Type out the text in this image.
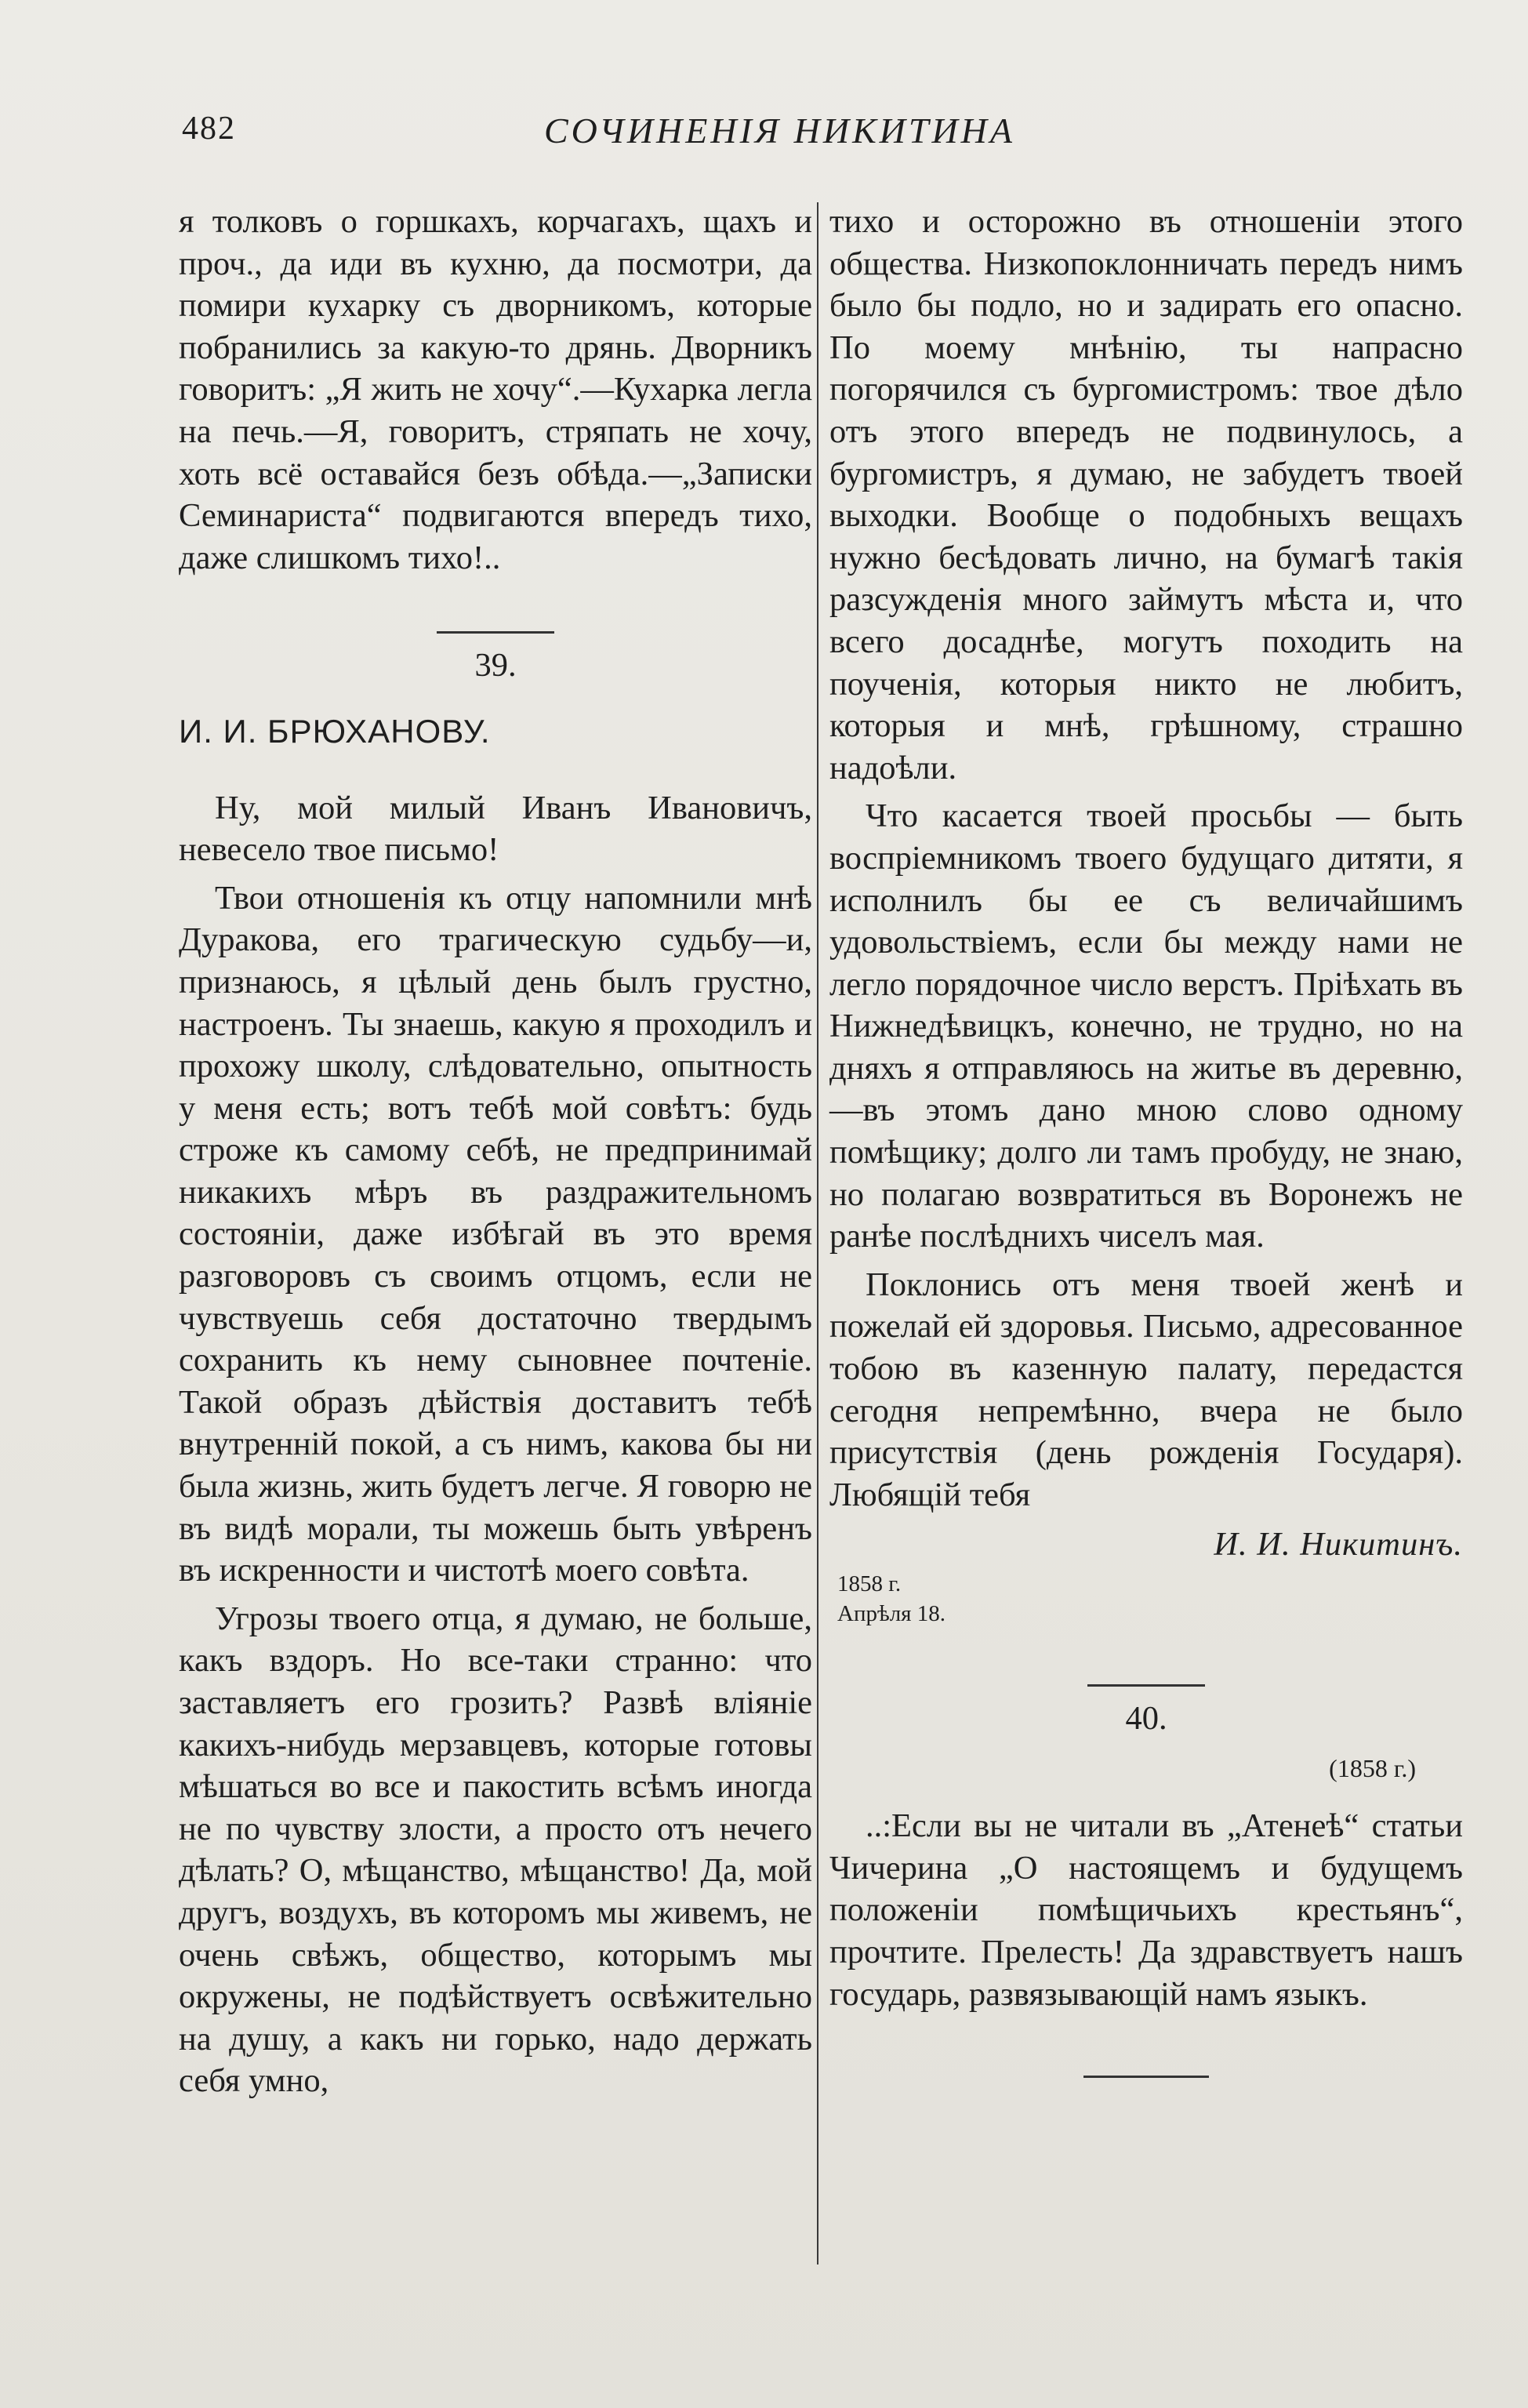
482	СОЧИНЕНІЯ НИКИТИНА

я толковъ о горшкахъ, корчагахъ, щахъ и проч., да иди въ кухню, да посмотри, да помири кухарку съ дворникомъ, которые побранились за какую-то дрянь. Дворникъ говоритъ: „Я жить не хочу“.—Кухарка легла на печь.—Я, говоритъ, стряпать не хочу, хоть всё оставайся безъ обѣда.—„Записки Семинариста“ подвигаются впередъ тихо, даже слишкомъ тихо!..

39.
И. И. БРЮХАНОВУ.

Ну, мой милый Иванъ Ивановичъ, невесело твое письмо!

Твои отношенія къ отцу напомнили мнѣ Дуракова, его трагическую судьбу—и, признаюсь, я цѣлый день былъ грустно, настроенъ. Ты знаешь, какую я проходилъ и прохожу школу, слѣдовательно, опытность у меня есть; вотъ тебѣ мой совѣтъ: будь строже къ самому себѣ, не предпринимай никакихъ мѣръ въ раздражительномъ состояніи, даже избѣгай въ это время разговоровъ съ своимъ отцомъ, если не чувствуешь себя достаточно твердымъ сохранить къ нему сыновнее почтеніе. Такой образъ дѣйствія доставитъ тебѣ внутренній покой, а съ нимъ, какова бы ни была жизнь, жить будетъ легче. Я говорю не въ видѣ морали, ты можешь быть увѣренъ въ искренности и чистотѣ моего совѣта.

Угрозы твоего отца, я думаю, не больше, какъ вздоръ. Но все-таки странно: что заставляетъ его грозить? Развѣ вліяніе какихъ-нибудь мерзавцевъ, которые готовы мѣшаться во все и пакостить всѣмъ иногда не по чувству злости, а просто отъ нечего дѣлать? О, мѣщанство, мѣщанство! Да, мой другъ, воздухъ, въ которомъ мы живемъ, не очень свѣжъ, общество, которымъ мы окружены, не подѣйствуетъ освѣжительно на душу, а какъ ни горько, надо держать себя умно,

тихо и осторожно въ отношеніи этого общества. Низкопоклонничать передъ нимъ было бы подло, но и задирать его опасно. По моему мнѣнію, ты напрасно погорячился съ бургомистромъ: твое дѣло отъ этого впередъ не подвинулось, а бургомистръ, я думаю, не забудетъ твоей выходки. Вообще о подобныхъ вещахъ нужно бесѣдовать лично, на бумагѣ такія разсужденія много займутъ мѣста и, что всего досаднѣе, могутъ походить на поученія, которыя никто не любитъ, которыя и мнѣ, грѣшному, страшно надоѣли.

Что касается твоей просьбы — быть воспріемникомъ твоего будущаго дитяти, я исполнилъ бы ее съ величайшимъ удовольствіемъ, если бы между нами не легло порядочное число верстъ. Пріѣхать въ Нижнедѣвицкъ, конечно, не трудно, но на дняхъ я отправляюсь на житье въ деревню,—въ этомъ дано мною слово одному помѣщику; долго ли тамъ пробуду, не знаю, но полагаю возвратиться въ Воронежъ не ранѣе послѣднихъ чиселъ мая.

Поклонись отъ меня твоей женѣ и пожелай ей здоровья. Письмо, адресованное тобою въ казенную палату, передастся сегодня непремѣнно, вчера не было присутствія (день рожденія Государя). Любящій тебя

И. И. Никитинъ.
1858 г.
Апрѣля 18.
40.
(1858 г.)

..:Если вы не читали въ „Атенеѣ“ статьи Чичерина „О настоящемъ и будущемъ положеніи помѣщичьихъ крестьянъ“, прочтите. Прелесть! Да здравствуетъ нашъ государь, развязывающій намъ языкъ.
